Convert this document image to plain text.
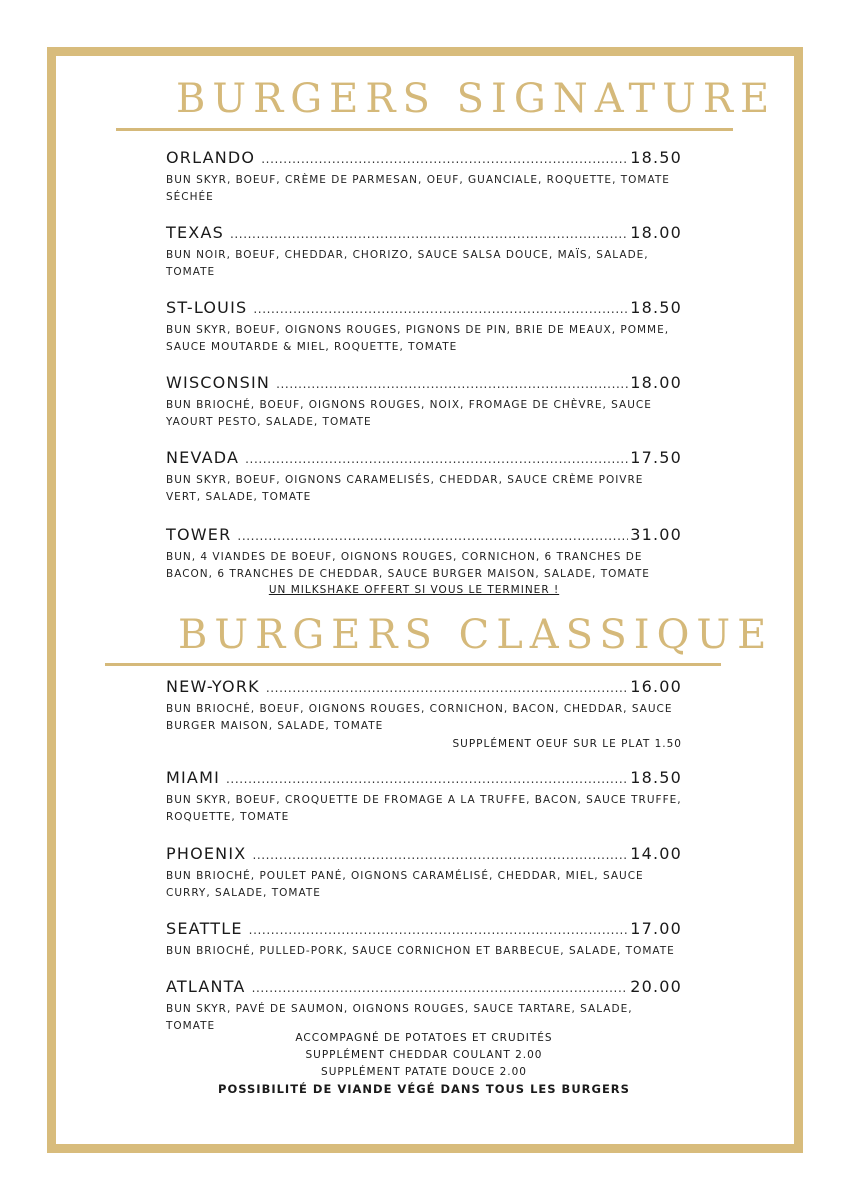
BURGERS SIGNATURE
ORLANDO .....	18.50
BUN SKYR, BOEUF, CRÈME DE PARMESAN, OEUF, GUANCIALE, ROQUETTE, TOMATE SÉCHÉE
TEXAS .....	18.00
BUN NOIR, BOEUF, CHEDDAR, CHORIZO, SAUCE SALSA DOUCE, MAÏS, SALADE, TOMATE
ST-LOUIS .....	18.50
BUN SKYR, BOEUF, OIGNONS ROUGES, PIGNONS DE PIN, BRIE DE MEAUX, POMME, SAUCE MOUTARDE & MIEL, ROQUETTE, TOMATE
WISCONSIN .....	18.00
BUN BRIOCHÉ, BOEUF, OIGNONS ROUGES, NOIX, FROMAGE DE CHÈVRE, SAUCE YAOURT PESTO, SALADE, TOMATE
NEVADA .....	17.50
BUN SKYR, BOEUF, OIGNONS CARAMELISÉS, CHEDDAR, SAUCE CRÈME POIVRE VERT, SALADE, TOMATE
TOWER .....	31.00
BUN, 4 VIANDES DE BOEUF, OIGNONS ROUGES, CORNICHON, 6 TRANCHES DE BACON, 6 TRANCHES DE CHEDDAR, SAUCE BURGER MAISON, SALADE, TOMATE
UN MILKSHAKE OFFERT SI VOUS LE TERMINER !
BURGERS CLASSIQUE
NEW-YORK .....	16.00
BUN BRIOCHÉ, BOEUF, OIGNONS ROUGES, CORNICHON, BACON, CHEDDAR, SAUCE BURGER MAISON, SALADE, TOMATE
SUPPLÉMENT OEUF SUR LE PLAT 1.50
MIAMI .....	18.50
BUN SKYR, BOEUF, CROQUETTE DE FROMAGE A LA TRUFFE, BACON, SAUCE TRUFFE, ROQUETTE, TOMATE
PHOENIX .....	14.00
BUN BRIOCHÉ, POULET PANÉ, OIGNONS CARAMÉLISÉ, CHEDDAR, MIEL, SAUCE CURRY, SALADE, TOMATE
SEATTLE .....	17.00
BUN BRIOCHÉ, PULLED-PORK, SAUCE CORNICHON ET BARBECUE, SALADE, TOMATE
ATLANTA .....	20.00
BUN SKYR, PAVÉ DE SAUMON, OIGNONS ROUGES, SAUCE TARTARE, SALADE, TOMATE
ACCOMPAGNÉ DE POTATOES ET CRUDITÉS
SUPPLÉMENT CHEDDAR COULANT 2.00
SUPPLÉMENT PATATE DOUCE 2.00
POSSIBILITÉ DE VIANDE VÉGÉ DANS TOUS LES BURGERS
